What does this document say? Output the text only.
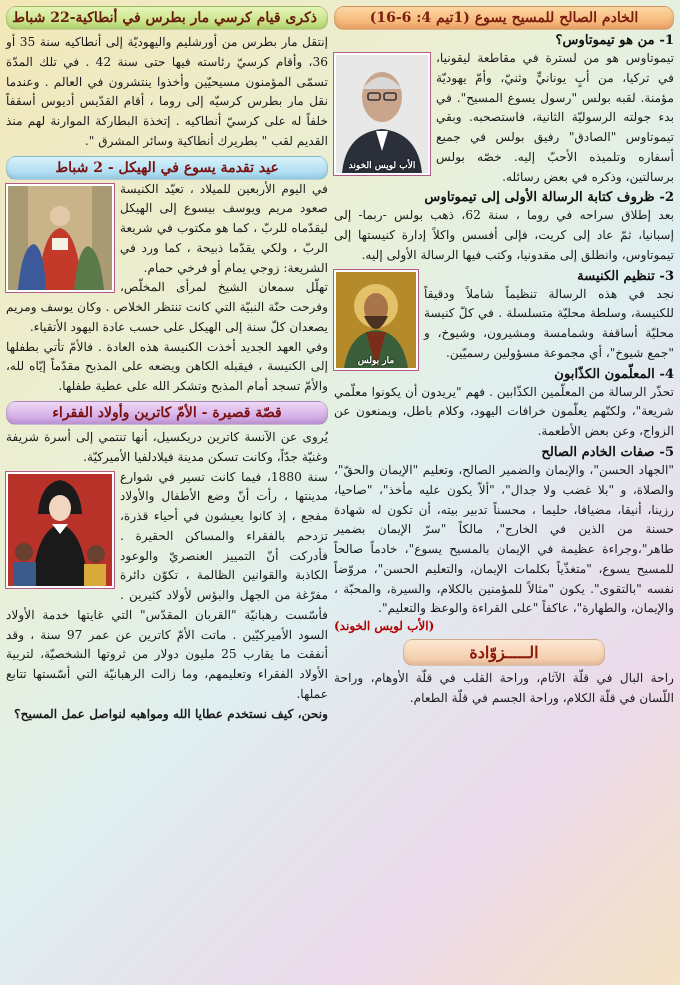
الخادم الصالح للمسيح يسوع (1تيم 4: 6-16)
1- من هو تيموتاوس؟
الأب لويس الخوند

تيموتاوس هو من لسترة في مقاطعة ليقونيا، في تركيا، من أبٍ يونانيٍّ وثنيّ، وأمّ يهوديّة مؤمنة. لقبه بولس "رسول يسوع المسيح". في بدء جولته الرسوليّة الثانية، فاستصحبه. وبقي تيموتاوس "الصادق" رفيق بولس في جميع أسفاره وتلميذه الأحبّ إليه. خصّه بولس برسالتين، وذكره في بعض رسائله.

2- ظروف كتابة الرسالة الأولى إلى تيموتاوس

بعد إطلاق سراحه في روما ، سنة 62، ذهب بولس -ربما- إلى إسبانيا، ثمّ عاد إلى كريت، فإلى أفسس واكلاً إدارة كنيستها إلى تيموتاوس، وانطلق إلى مقدونيا، وكتب فيها الرسالة الأولى إليه.

مار بولس
3- تنظيم الكنيسة

نجد في هذه الرسالة تنظيماً شاملاً ودقيقاً للكنيسة، وسلطة محليّة متسلسلة . في كلّ كنيسة محليّة أساقفة وشمامسة ومشيرون، وشيوخ، و "جمع شيوخ"، أي مجموعة مسؤولين رسميّين.

4- المعلّمون الكذّابون

تحذّر الرسالة من المعلّمين الكذّابين . فهم "يريدون أن يكونوا معلّمي شريعة"، ولكنّهم يعلّمون خرافات اليهود، وكلام باطل، ويمنعون عن الزواج، وعن بعض الأطعمة.

5- صفات الخادم الصالح

"الجهاد الحسن"، والإيمان والضمير الصالح، وتعليم "الإيمان والحقّ"، والصلاة، و "بلا غضب ولا جدال"، "ألاّ يكون عليه مأخذ"، "صاحيا، رزينا، أنيقا، مضيافا، حليما ، محسناً تدبير بيته، أن تكون له شهادة حسنة من الذين في الخارج"، مالكاً "سرّ الإيمان بضمير طاهر"،وجراءة عظيمة في الإيمان بالمسيح يسوع"، خادماً صالحاً للمسيح يسوع، "متغذّياً بكلمات الإيمان، والتعليم الحسن"، مروّضاً نفسه "بالتقوى". يكون "مثالاً للمؤمنين بالكلام، والسيرة، والمحبّة ، والإيمان، والطهارة"، عاكفاً "على القراءة والوعظ والتعليم".

(الأب لويس الخوند)
الـــــزوّادة

راحة البال في قلّة الآثام، وراحة القلب في قلّة الأوهام، وراحة اللّسان في قلّة الكلام، وراحة الجسم في قلّة الطعام.

ذكرى قيام كرسي مار بطرس في أنطاكية-22 شباط

إنتقل مار بطرس من أورشليم واليهوديّة إلى أنطاكيه سنة 35 أو 36، وأقام كرسيّ رئاسته فيها حتى سنة 42 . في تلك المدّة تسمّى المؤمنون مسيحيّين وأخذوا ينتشرون في العالم . وعندما نقل مار بطرس كرسيّه إلى روما ، أقام القدّيس أديوس أسقفاً خلفاً له على كرسيّ أنطاكيه . إتخذة البطاركة الموارنة لهم منذ القديم لقب " بطريرك أنطاكية وسائر المشرق ".

عيد تقدمة يسوع في الهيكل - 2 شباط

في اليوم الأربعين للميلاد ، تعيّد الكنيسة صعود مريم ويوسف بيسوع إلى الهيكل ليقدّماه للربّ ، كما هو مكتوب في شريعة الربّ ، ولكي يقدّما ذبيحة ، كما ورد في الشريعة: زوجي يمام أو فرخي حمام.

تهلّل سمعان الشيخ لمرأى المخلّص، وفرحت حنّة النبيّة التي كانت تنتظر الخلاص . وكان يوسف ومريم يصعدان كلّ سنة إلى الهيكل على حسب عادة اليهود الأتقياء.

وفي العهد الجديد أخذت الكنيسة هذه العادة . فالأمّ تأتي بطفلها إلى الكنيسة ، فيقبله الكاهن ويضعه على المذبح مقدّماً إيّاه لله، والأمّ تسجد أمام المذبح وتشكر الله على عطية طفلها.

قصّة قصيرة - الأمّ كاترين وأولاد الفقراء

يُروى عن الآنسة كاترين دريكسيل، أنها تنتمي إلى أسرة شريفة وغنيّة جدّاً، وكانت تسكن مدينة فيلادلفيا الأميركيّة.

سنة 1880، فيما كانت تسير في شوارع مدينتها ، رأت أنّ وضع الأطفال والأولاد مفجع ، إذ كانوا يعيشون في أحياء قذرة، تزدحم بالفقراء والمساكن الحقيرة . فأدركت أنّ التمييز العنصريّ والوعود الكاذبة والقوانين الظالمة ، تكوّن دائرة مفرّغة من الجهل والبؤس لأولاد كثيرين . فأسّست رهبانيّة "القربان المقدّس" التي غايتها خدمة الأولاد السود الأميركيّين . ماتت الأمّ كاترين عن عمر 97 سنة ، وقد أنفقت ما يقارب 25 مليون دولار من ثروتها الشخصيّة، لتربية الأولاد الفقراء وتعليمهم، وما زالت الرهبانيّة التي أسّستها تتابع عملها.

ونحن، كيف نستخدم عطايا الله ومواهبه لنواصل عمل المسيح؟
